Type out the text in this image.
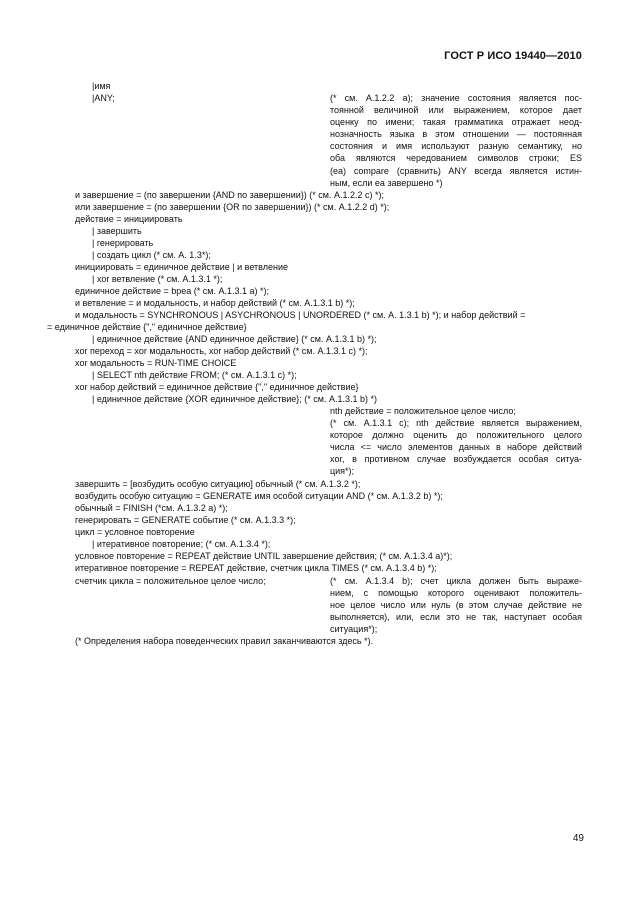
ГОСТ Р ИСО 19440—2010
|имя
|ANY;	(* см. А.1.2.2 а); значение состояния является пос-
тоянной величиной или выражением, которое дает
оценку по имени; такая грамматика отражает неод-
нозначность языка в этом отношении — постоянная
состояния и имя используют разную семантику, но
оба являются чередованием символов строки; ES
(еа) compare (сравнить) ANY всегда является истин-
ным, если еа завершено *)
и завершение = (по завершении {AND по завершении}) (* см. А.1.2.2 с) *);
или завершение = (по завершении {OR по завершении}) (* см. А.1.2.2 d) *);
действие = инициировать
| завершить
| генерировать
| создать цикл (* см. А. 1.3*);
инициировать = единичное действие | и ветвление
| xor ветвление (* см. А.1.3.1 *);
единичное действие = bреа (* см. А.1.3.1 а) *);
и ветвление = и модальность, и набор действий (* см. А.1.3.1 b) *);
и модальность = SYNCHRONOUS | ASYCHRONOUS | UNORDERED (* см. А. 1.3.1 b) *); и набор действий =
= единичное действие {"," единичное действие}
| единичное действие {AND единичное действие} (* см. А.1.3.1 b) *);
xor переход = xor модальность, xor набор действий (* см. А.1.3.1 с) *);
xor модальность = RUN-TIME CHOICE
| SELECT nth действие FROM; (* см. А.1.3.1 с) *);
xor набор действий = единичное действие {"," единичное действие}
| единичное действие {XOR единичное действие}; (* см. А.1.3.1 b) *)
nth действие = положительное целое число;
(* см. А.1.3.1 с); nth действие является выражением,
которое должно оценить до положительного целого
числа <= число элементов данных в наборе действий
xor, в противном случае возбуждается особая ситуа-
ция*);
завершить = [возбудить особую ситуацию] обычный (* см. А.1.3.2 *);
возбудить особую ситуацию = GENERATE имя особой ситуации AND (* см. А.1.3.2 b) *);
обычный = FINISH (*см. А.1.3.2 а) *);
генерировать = GENERATE событие (* см. А.1.3.3 *);
цикл = условное повторение
| итеративное повторение; (* см. А.1.3.4 *);
условное повторение = REPEAT действие UNTIL завершение действия; (* см. А.1.3.4 а)*);
итеративное повторение = REPEAT действие, счетчик цикла TIMES (* см. А.1.3.4 b) *);
счетчик цикла = положительное целое число;	(* см. А.1.3.4 b); счет цикла должен быть выраже-
нием, с помощью которого оценивают положитель-
ное целое число или нуль (в этом случае действие не
выполняется), или, если это не так, наступает особая
ситуация*);
(* Определения набора поведенческих правил заканчиваются здесь *).
49
